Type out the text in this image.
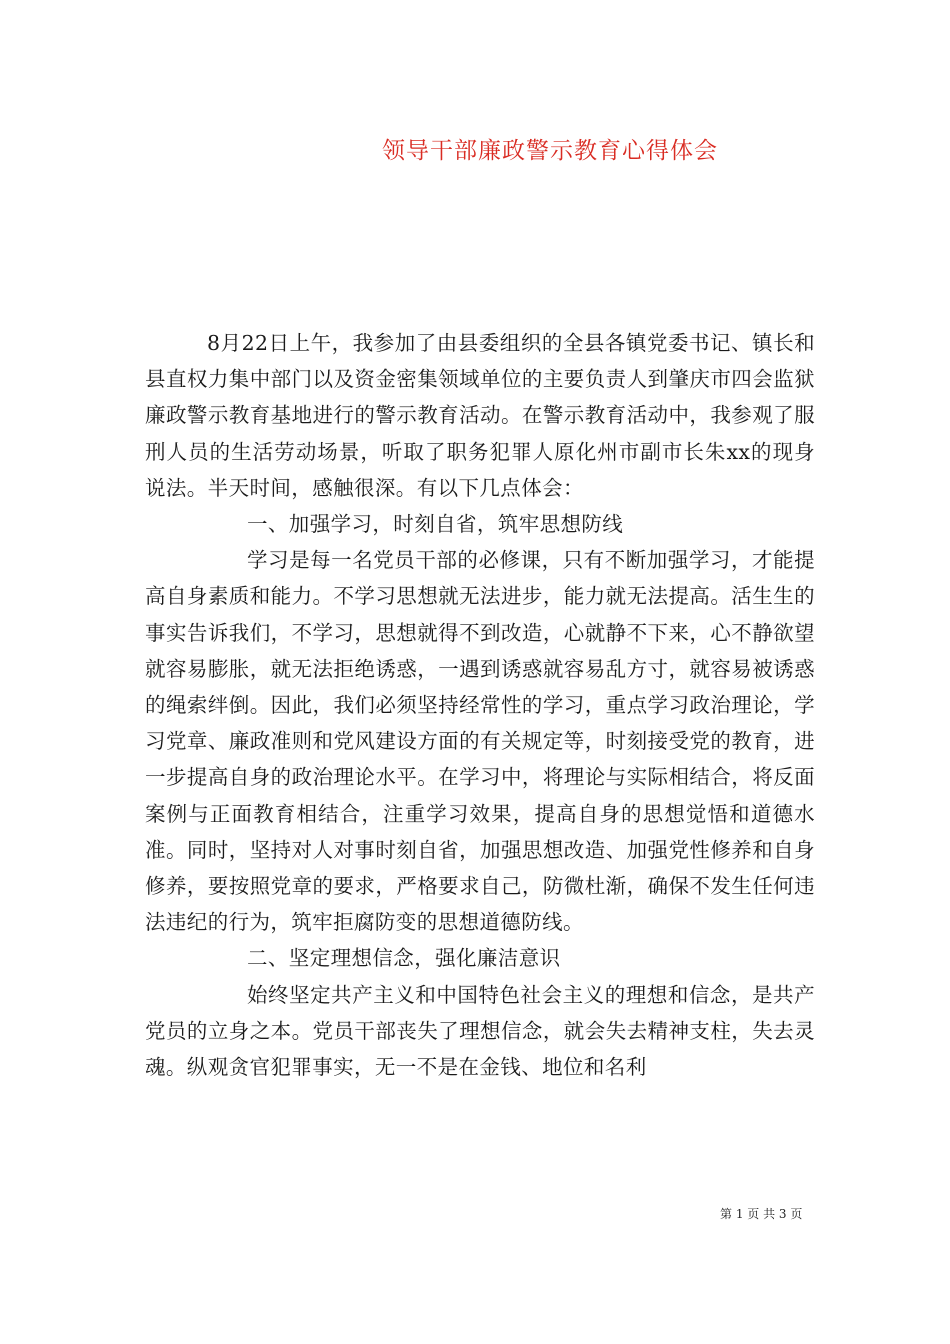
领导干部廉政警示教育心得体会

8月22日上午，我参加了由县委组织的全县各镇党委书记、镇长和县直权力集中部门以及资金密集领域单位的主要负责人到肇庆市四会监狱廉政警示教育基地进行的警示教育活动。在警示教育活动中，我参观了服刑人员的生活劳动场景，听取了职务犯罪人原化州市副市长朱xx的现身说法。半天时间，感触很深。有以下几点体会：

一、加强学习，时刻自省，筑牢思想防线

学习是每一名党员干部的必修课，只有不断加强学习，才能提高自身素质和能力。不学习思想就无法进步，能力就无法提高。活生生的事实告诉我们，不学习，思想就得不到改造，心就静不下来，心不静欲望就容易膨胀，就无法拒绝诱惑，一遇到诱惑就容易乱方寸，就容易被诱惑的绳索绊倒。因此，我们必须坚持经常性的学习，重点学习政治理论，学习党章、廉政准则和党风建设方面的有关规定等，时刻接受党的教育，进一步提高自身的政治理论水平。在学习中，将理论与实际相结合，将反面案例与正面教育相结合，注重学习效果，提高自身的思想觉悟和道德水准。同时，坚持对人对事时刻自省，加强思想改造、加强党性修养和自身修养，要按照党章的要求，严格要求自己，防微杜渐，确保不发生任何违法违纪的行为，筑牢拒腐防变的思想道德防线。

二、坚定理想信念，强化廉洁意识

始终坚定共产主义和中国特色社会主义的理想和信念，是共产党员的立身之本。党员干部丧失了理想信念，就会失去精神支柱，失去灵魂。纵观贪官犯罪事实，无一不是在金钱、地位和名利

第 1 页 共 3 页
